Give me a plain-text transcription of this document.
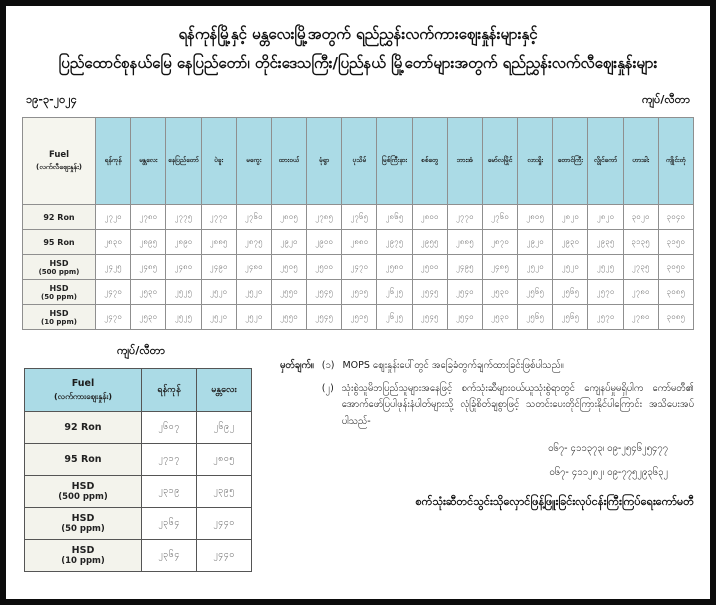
ရန်ကုန်မြို့နှင့် မန္တလေးမြို့အတွက် ရည်ညွှန်းလက်ကားဈေးနှုန်းများနှင့်
ပြည်ထောင်စုနယ်မြေ နေပြည်တော်၊ တိုင်းဒေသကြီး/ပြည်နယ် မြို့တော်များအတွက် ရည်ညွှန်းလက်လီဈေးနှုန်းများ
၁၉-၃-၂၀၂၄	ကျပ်/လီတာ
Fuel
(လက်လီဈေးနှုန်း)	ရန်ကုန်	မန္တလေး	နေပြည်တော်	ပဲခူး	မကွေး	ထားဝယ်	မုံရွာ	ပုသိမ်	မြစ်ကြီးနား	စစ်တွေ	ဘားအံ	မော်လမြိုင်	လားရှိုး	တောင်ကြီး	လွိုင်ကော်	ဟားခါး	ကျိုင်းတုံ

92 Ron	၂၇၂၀	၂၇၈၀	၂၇၇၅	၂၇၇၀	၂၇၆၀	၂၈၀၅	၂၇၈၅	၂၇၆၅	၂၈၆၅	၂၈၀၀	၂၇၇၀	၂၇၆၀	၂၈၀၅	၂၈၂၀	၂၈၂၀	၃၀၂၀	၃၀၄၀

95 Ron	၂၈၃၀	၂၈၉၅	၂၈၉၀	၂၈၈၅	၂၈၇၅	၂၉၂၀	၂၉၀၀	၂၈၈၀	၂၉၇၅	၂၉၅၅	၂၈၈၅	၂၈၇၀	၂၉၂၀	၂၉၃၀	၂၉၃၅	၃၁၃၅	၃၁၅၀

HSD
(500 ppm)	၂၄၂၅	၂၄၈၅	၂၄၈၀	၂၄၉၀	၂၄၈၀	၂၅၀၅	၂၅၀၀	၂၄၇၀	၂၅၈၀	၂၅၀၀	၂၄၉၅	၂၄၈၅	၂၅၂၀	၂၅၂၀	၂၅၂၅	၂၇၃၅	၃၀၅၀

HSD
(50 ppm)	၂၄၇၀	၂၅၃၀	၂၅၂၅	၂၅၂၀	၂၅၂၀	၂၅၅၀	၂၅၄၅	၂၅၁၅	၂၆၂၅	၂၅၄၅	၂၅၄၀	၂၅၃၀	၂၅၆၅	၂၅၆၅	၂၅၇၀	၂၇၈၀	၃၀၈၅

HSD
(10 ppm)	၂၄၇၀	၂၅၃၀	၂၅၂၅	၂၅၂၀	၂၅၂၀	၂၅၅၀	၂၅၄၅	၂၅၁၅	၂၆၂၅	၂၅၄၅	၂၅၄၀	၂၅၃၀	၂၅၆၅	၂၅၆၅	၂၅၇၀	၂၇၈၀	၃၀၈၅
ကျပ်/လီတာ
Fuel
(လက်ကားဈေးနှုန်း)	ရန်ကုန်	မန္တလေး

92 Ron	၂၆၀၇	၂၆၉၂

95 Ron	၂၇၁၇	၂၈၀၅

HSD
(500 ppm)	၂၃၁၉	၂၃၉၅

HSD
(50 ppm)	၂၃၆၄	၂၄၄၀

HSD
(10 ppm)	၂၃၆၄	၂၄၄၀
မှတ်ချက်။ (၁) MOPS ဈေးနှုန်းပေါ်တွင် အခြေခံတွက်ချက်ထားခြင်းဖြစ်ပါသည်။
(၂) သုံးစွဲသူမိဘပြည်သူများအနေဖြင့် စက်သုံးဆီများဝယ်ယူသုံးစွဲရာတွင် ကျေနပ်မှုမရှိပါက ကော်မတီ၏ အောက်ဖော်ပြပါဖုန်းနံပါတ်များသို့ လုံခြုံစိတ်ချစွာဖြင့် သတင်းပေးတိုင်ကြားနိုင်ပါကြောင်း အသိပေးအပ်ပါသည်-
၀၆၇- ၄၁၁၃၇၃၊ ၀၉-၂၅၄၆၂၅၄၇၇
၀၆၇- ၄၁၁၂၈၂၊ ၀၉-၇၇၅၂၉၃၆၃၂
စက်သုံးဆီတင်သွင်းသိုလှောင်ဖြန့်ဖြူးခြင်းလုပ်ငန်းကြီးကြပ်ရေးကော်မတီ
